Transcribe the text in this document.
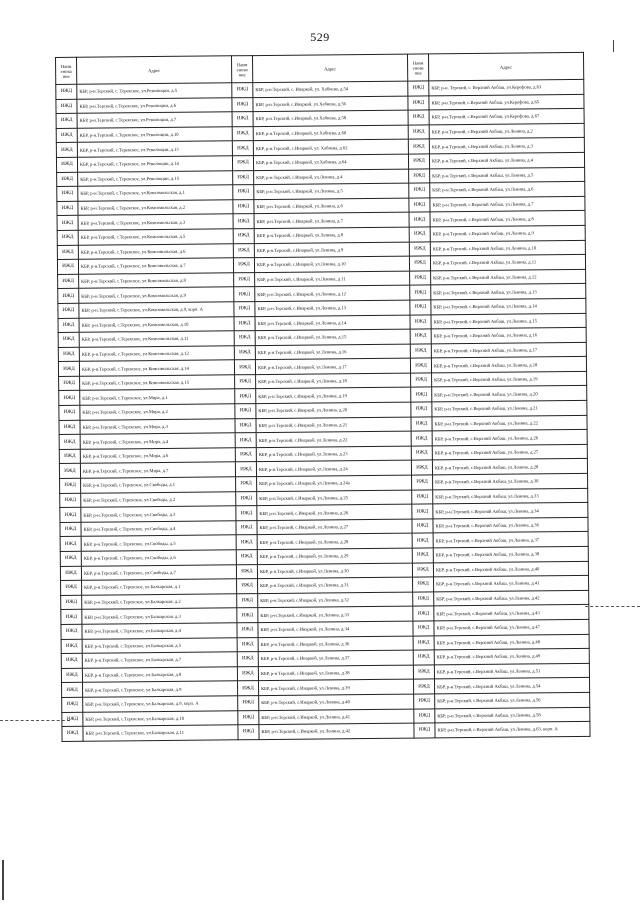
529
Наим енова ние	Адрес	Наим енова ние	Адрес	Наим енова ние	Адрес
ИЖД	КБР, р-н.Терский, с. Терекское, ул.Революции, д.5	ИЖД	КБР, р-н.Терский, с. Инаркой, ул. Хабиева, д.54	ИЖД	КБР, р-н. Терский, с. Верхний Акбаш, ул.Керефова, д.63
ИЖД	КБР, р-н.Терский, с.Терекское, ул.Революции, д.6	ИЖД	КБР, р-н.Терский, с.Инаркой, ул.Хабиева, д.56	ИЖД	КБР, р-н.Терский, с.Верхний Акбаш, ул.Керефова, д.65
ИЖД	КБР, р-н.Терский, с.Терекское, ул.Революции, д.7	ИЖД	КБР, р-н.Терский, с.Инаркой, ул.Хабиева, д.58	ИЖД	КБР, р-н.Терский, с.Верхний Акбаш, ул.Керефова, д.67
ИЖД	КБР, р-н.Терский, с.Терекское, ул.Революции, д.10	ИЖД	КБР, р-н.Терский, с.Инаркой, ул.Хабиева, д.60	ИЖД	КБР, р-н.Терский, с.Верхний Акбаш, ул.Ленина, д.2
ИЖД	КБР, р-н.Терский, с.Терекское, ул.Революции, д.13	ИЖД	КБР, р-н.Терский, с.Инаркой, ул. Хабиева, д.62	ИЖД	КБР, р-н.Терский, с.Верхний Акбаш, ул.Ленина, д.3
ИЖД	КБР, р-н.Терский, с.Терекское, ул.Революции, д.14	ИЖД	КБР, р-н.Терский, с.Инаркой, ул.Хабиева, д.64	ИЖД	КБР, р-н.Терский, с.Верхний Акбаш, ул.Ленина, д.4
ИЖД	КБР, р-н.Терский, с.Терекское, ул.Революции, д.15	ИЖД	КБР, р-н.Терский, с.Инаркой, ул.Ленина, д.4	ИЖД	КБР, р-н.Терский, с.Верхний Акбаш, ул.Ленина, д.5
ИЖД	КБР, р-н.Терский, с.Терекское, ул.Комсомольская, д.1	ИЖД	КБР, р-н.Терский, с.Инаркой, ул.Ленина, д.5	ИЖД	КБР, р-н.Терский, с.Верхний Акбаш, ул.Ленина, д.6
ИЖД	КБР, р-н.Терский, с.Терекское, ул.Комсомольская, д.2	ИЖД	КБР, р-н.Терский, с.Инаркой, ул.Ленина, д.6	ИЖД	КБР, р-н.Терский, с.Верхний Акбаш, ул.Ленина, д.7
ИЖД	КБР, р-н.Терский, с.Терекское, ул.Комсомольская, д.3	ИЖД	КБР, р-н.Терский, с.Инаркой, ул.Ленина, д.7	ИЖД	КБР, р-н.Терский, с.Верхний Акбаш, ул.Ленина, д.8
ИЖД	КБР, р-н.Терский, с.Терекское, ул.Комсомольская, д.5	ИЖД	КБР, р-н.Терский, с.Инаркой, ул.Ленина, д.8	ИЖД	КБР, р-н.Терский, с.Верхний Акбаш, ул.Ленина, д.9
ИЖД	КБР, р-н.Терский, с.Терекское, ул.Комсомольская, д.6	ИЖД	КБР, р-н.Терский, с.Инаркой, ул.Ленина, д.9	ИЖД	КБР, р-н.Терский, с.Верхний Акбаш, ул.Ленина, д.10
ИЖД	КБР, р-н.Терский, с.Терекское, ул.Комсомольская, д.7	ИЖД	КБР, р-н.Терский, с.Инаркой, ул.Ленина, д.10	ИЖД	КБР, р-н.Терский, с.Верхний Акбаш, ул.Ленина, д.11
ИЖД	КБР, р-н.Терский, с.Терекское, ул.Комсомольская, д.8	ИЖД	КБР, р-н.Терский, с.Инаркой, ул.Ленина, д.11	ИЖД	КБР, р-н.Терский, с.Верхний Акбаш, ул.Ленина, д.12
ИЖД	КБР, р-н.Терский, с.Терекское, ул.Комсомольская, д.9	ИЖД	КБР, р-н.Терский, с.Инаркой, ул.Ленина, д.12	ИЖД	КБР, р-н.Терский, с.Верхний Акбаш, ул.Ленина, д.13
ИЖД	КБР, р-н.Терский, с.Терекское, ул.Комсомольская, д.9, корп. А	ИЖД	КБР, р-н.Терский, с.Инаркой, ул.Ленина, д.13	ИЖД	КБР, р-н.Терский, с.Верхний Акбаш, ул.Ленина, д.14
ИЖД	КБР, р-н.Терский, с.Терекское, ул.Комсомольская, д.10	ИЖД	КБР, р-н.Терский, с.Инаркой, ул.Ленина, д.14	ИЖД	КБР, р-н.Терский, с.Верхний Акбаш, ул.Ленина, д.15
ИЖД	КБР, р-н.Терский, с.Терекское, ул.Комсомольская, д.11	ИЖД	КБР, р-н.Терский, с.Инаркой, ул.Ленина, д.15	ИЖД	КБР, р-н.Терский, с.Верхний Акбаш, ул.Ленина, д.16
ИЖД	КБР, р-н.Терский, с.Терекское, ул.Комсомольская, д.12	ИЖД	КБР, р-н.Терский, с.Инаркой, ул.Ленина, д.16	ИЖД	КБР, р-н.Терский, с.Верхний Акбаш, ул.Ленина, д.17
ИЖД	КБР, р-н.Терский, с.Терекское, ул.Комсомольская, д.14	ИЖД	КБР, р-н.Терский, с.Инаркой, ул.Ленина, д.17	ИЖД	КБР, р-н.Терский, с.Верхний Акбаш, ул.Ленина, д.18
ИЖД	КБР, р-н.Терский, с.Терекское, ул.Комсомольская, д.15	ИЖД	КБР, р-н.Терский, с.Инаркой, ул.Ленина, д.18	ИЖД	КБР, р-н.Терский, с.Верхний Акбаш, ул.Ленина, д.19
ИЖД	КБР, р-н.Терский, с.Терекское, ул.Мира, д.1	ИЖД	КБР, р-н.Терский, с.Инаркой, ул.Ленина, д.19	ИЖД	КБР, р-н.Терский, с.Верхний Акбаш, ул.Ленина, д.20
ИЖД	КБР, р-н.Терский, с.Терекское, ул.Мира, д.2	ИЖД	КБР, р-н.Терский, с.Инаркой, ул.Ленина, д.20	ИЖД	КБР, р-н.Терский, с.Верхний Акбаш, ул.Ленина, д.21
ИЖД	КБР, р-н.Терский, с.Терекское, ул.Мира, д.3	ИЖД	КБР, р-н.Терский, с.Инаркой, ул.Ленина, д.21	ИЖД	КБР, р-н.Терский, с.Верхний Акбаш, ул.Ленина, д.22
ИЖД	КБР, р-н.Терский, с.Терекское, ул.Мира, д.4	ИЖД	КБР, р-н.Терский, с.Инаркой, ул.Ленина, д.22	ИЖД	КБР, р-н.Терский, с.Верхний Акбаш, ул.Ленина, д.26
ИЖД	КБР, р-н.Терский, с.Терекское, ул.Мира, д.6	ИЖД	КБР, р-н.Терский, с.Инаркой, ул.Ленина, д.23	ИЖД	КБР, р-н.Терский, с.Верхний Акбаш, ул.Ленина, д.27
ИЖД	КБР, р-н.Терский, с.Терекское, ул.Мира, д.7	ИЖД	КБР, р-н.Терский, с.Инаркой, ул.Ленина, д.24	ИЖД	КБР, р-н.Терский, с.Верхний Акбаш, ул.Ленина, д.28
ИЖД	КБР, р-н.Терский, с.Терекское, ул.Свободы, д.1	ИЖД	КБР, р-н.Терский, с.Инаркой, ул.Ленина, д.24а	ИЖД	КБР, р-н.Терский, с.Верхний Акбаш, ул.Ленина, д.30
ИЖД	КБР, р-н.Терский, с.Терекское, ул.Свободы, д.2	ИЖД	КБР, р-н.Терский, с.Инаркой, ул.Ленина, д.25	ИЖД	КБР, р-н.Терский, с.Верхний Акбаш, ул.Ленина, д.33
ИЖД	КБР, р-н.Терский, с.Терекское, ул.Свободы, д.3	ИЖД	КБР, р-н.Терский, с.Инаркой, ул.Ленина, д.26	ИЖД	КБР, р-н.Терский, с.Верхний Акбаш, ул.Ленина, д.34
ИЖД	КБР, р-н.Терский, с.Терекское, ул.Свободы, д.4	ИЖД	КБР, р-н.Терский, с.Инаркой, ул.Ленина, д.27	ИЖД	КБР, р-н.Терский, с.Верхний Акбаш, ул.Ленина, д.36
ИЖД	КБР, р-н.Терский, с.Терекское, ул.Свободы, д.5	ИЖД	КБР, р-н.Терский, с.Инаркой, ул.Ленина, д.28	ИЖД	КБР, р-н.Терский, с.Верхний Акбаш, ул.Ленина, д.37
ИЖД	КБР, р-н.Терский, с.Терекское, ул.Свободы, д.6	ИЖД	КБР, р-н.Терский, с.Инаркой, ул.Ленина, д.29	ИЖД	КБР, р-н.Терский, с.Верхний Акбаш, ул.Ленина, д.38
ИЖД	КБР, р-н.Терский, с.Терекское, ул.Свободы, д.7	ИЖД	КБР, р-н.Терский, с.Инаркой, ул.Ленина, д.30	ИЖД	КБР, р-н.Терский, с.Верхний Акбаш, ул.Ленина, д.40
ИЖД	КБР, р-н.Терский, с.Терекское, ул.Балкарская, д.1	ИЖД	КБР, р-н.Терский, с.Инаркой, ул.Ленина, д.31	ИЖД	КБР, р-н.Терский, с.Верхний Акбаш, ул.Ленина, д.41
ИЖД	КБР, р-н.Терский, с.Терекское, ул.Балкарская, д.2	ИЖД	КБР, р-н.Терский, с.Инаркой, ул.Ленина, д.32	ИЖД	КБР, р-н.Терский, с.Верхний Акбаш, ул.Ленина, д.42
ИЖД	КБР, р-н.Терский, с.Терекское, ул.Балкарская, д.3	ИЖД	КБР, р-н.Терский, с.Инаркой, ул.Ленина, д.33	ИЖД	КБР, р-н.Терский, с.Верхний Акбаш, ул.Ленина, д.43
ИЖД	КБР, р-н.Терский, с.Терекское, ул.Балкарская, д.4	ИЖД	КБР, р-н.Терский, с.Инаркой, ул.Ленина, д.34	ИЖД	КБР, р-н.Терский, с.Верхний Акбаш, ул.Ленина, д.47
ИЖД	КБР, р-н.Терский, с.Терекское, ул.Балкарская, д.5	ИЖД	КБР, р-н.Терский, с.Инаркой, ул.Ленина, д.36	ИЖД	КБР, р-н.Терский, с.Верхний Акбаш, ул.Ленина, д.48
ИЖД	КБР, р-н.Терский, с.Терекское, ул.Балкарская, д.7	ИЖД	КБР, р-н.Терский, с.Инаркой, ул.Ленина, д.37	ИЖД	КБР, р-н.Терский, с.Верхний Акбаш, ул.Ленина, д.49
ИЖД	КБР, р-н.Терский, с.Терекское, ул.Балкарская, д.8	ИЖД	КБР, р-н.Терский, с.Инаркой, ул.Ленина, д.38	ИЖД	КБР, р-н.Терский, с.Верхний Акбаш, ул.Ленина, д.51
ИЖД	КБР, р-н.Терский, с.Терекское, ул.Балкарская, д.9	ИЖД	КБР, р-н.Терский, с.Инаркой, ул.Ленина, д.39	ИЖД	КБР, р-н.Терский, с.Верхний Акбаш, ул.Ленина, д.54
ИЖД	КБР, р-н.Терский, с.Терекское, ул.Балкарская, д.9, корп. А	ИЖД	КБР, р-н.Терский, с.Инаркой, ул.Ленина, д.40	ИЖД	КБР, р-н.Терский, с.Верхний Акбаш, ул.Ленина, д.56
ИЖД	КБР, р-н.Терский, с.Терекское, ул.Балкарская, д.10	ИЖД	КБР, р-н.Терский, с.Инаркой, ул.Ленина, д.41	ИЖД	КБР, р-н.Терский, с.Верхний Акбаш, ул.Ленина, д.58
ИЖД	КБР, р-н.Терский, с.Терекское, ул.Балкарская, д.11	ИЖД	КБР, р-н.Терский, с.Инаркой, ул.Ленина, д.42	ИЖД	КБР, р-н.Терский, с.Верхний Акбаш, ул.Ленина, д.63, корп. А
